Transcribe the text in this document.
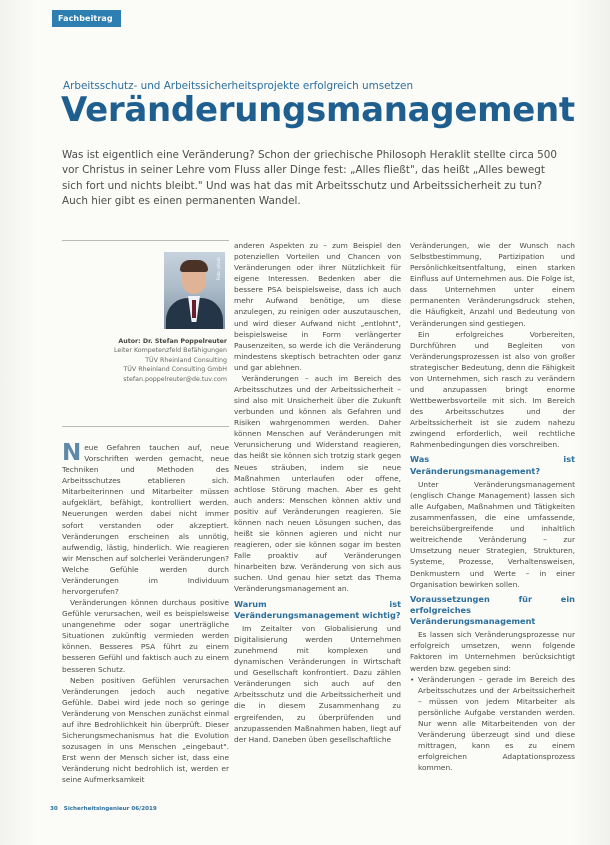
Fachbeitrag
Arbeitsschutz- und Arbeitssicherheitsprojekte erfolgreich umsetzen
Veränderungsmanagement

Was ist eigentlich eine Veränderung? Schon der griechische Philosoph Heraklit stellte circa 500

vor Christus in seiner Lehre vom Fluss aller Dinge fest: „Alles fließt", das heißt „Alles bewegt

sich fort und nichts bleibt." Und was hat das mit Arbeitsschutz und Arbeitssicherheit zu tun?

Auch hier gibt es einen permanenten Wandel.

Foto: privat
Autor: Dr. Stefan Poppelreuter
Leiter Kompetenzfeld Befähigungen
TÜV Rheinland Consulting
TÜV Rheinland Consulting GmbH
stefan.poppelreuter@de.tuv.com

Neue Gefahren tauchen auf, neue Vorschriften werden gemacht, neue Techniken und Methoden des Arbeitsschutzes etablieren sich. Mitarbeiterinnen und Mitarbeiter müssen aufgeklärt, befähigt, kontrolliert werden. Neuerungen werden dabei nicht immer sofort verstanden oder akzeptiert. Veränderungen erscheinen als unnötig, aufwendig, lästig, hinderlich. Wie reagieren wir Menschen auf solcherlei Veränderungen? Welche Gefühle werden durch Veränderungen im Individuum hervorgerufen?

Veränderungen können durchaus positive Gefühle verursachen, weil es beispielsweise unangenehme oder sogar unerträgliche Situationen zukünftig vermieden werden können. Besseres PSA führt zu einem besseren Gefühl und faktisch auch zu einem besseren Schutz.

Neben positiven Gefühlen verursachen Veränderungen jedoch auch negative Gefühle. Dabei wird jede noch so geringe Veränderung von Menschen zunächst einmal auf ihre Bedrohlichkeit hin überprüft. Dieser Sicherungsmechanismus hat die Evolution sozusagen in uns Menschen „eingebaut". Erst wenn der Mensch sicher ist, dass eine Veränderung nicht bedrohlich ist, werden er seine Aufmerksamkeit

anderen Aspekten zu – zum Beispiel den potenziellen Vorteilen und Chancen von Veränderungen oder ihrer Nützlichkeit für eigene Interessen. Bedenken aber die bessere PSA beispielsweise, dass ich auch mehr Aufwand benötige, um diese anzulegen, zu reinigen oder auszutauschen, und wird dieser Aufwand nicht „entlohnt", beispielsweise in Form verlängerter Pausenzeiten, so werde ich die Veränderung mindestens skeptisch betrachten oder ganz und gar ablehnen.

Veränderungen – auch im Bereich des Arbeitsschutzes und der Arbeitssicherheit – sind also mit Unsicherheit über die Zukunft verbunden und können als Gefahren und Risiken wahrgenommen werden. Daher können Menschen auf Veränderungen mit Verunsicherung und Widerstand reagieren, das heißt sie können sich trotzig stark gegen Neues sträuben, indem sie neue Maßnahmen unterlaufen oder offene, achtlose Störung machen. Aber es geht auch anders: Menschen können aktiv und positiv auf Veränderungen reagieren. Sie können nach neuen Lösungen suchen, das heißt sie können agieren und nicht nur reagieren, oder sie können sogar im besten Falle proaktiv auf Veränderungen hinarbeiten bzw. Veränderung von sich aus suchen. Und genau hier setzt das Thema Veränderungsmanagement an.

Warum ist Veränderungsmanagement wichtig?

Im Zeitalter von Globalisierung und Digitalisierung werden Unternehmen zunehmend mit komplexen und dynamischen Veränderungen in Wirtschaft und Gesellschaft konfrontiert. Dazu zählen Veränderungen sich auch auf den Arbeitsschutz und die Arbeitssicherheit und die in diesem Zusammenhang zu ergreifenden, zu überprüfenden und anzupassenden Maßnahmen haben, liegt auf der Hand. Daneben üben gesellschaftliche

Veränderungen, wie der Wunsch nach Selbstbestimmung, Partizipation und Persönlichkeitsentfaltung, einen starken Einfluss auf Unternehmen aus. Die Folge ist, dass Unternehmen unter einem permanenten Veränderungsdruck stehen, die Häufigkeit, Anzahl und Bedeutung von Veränderungen sind gestiegen.

Ein erfolgreiches Vorbereiten, Durchführen und Begleiten von Veränderungsprozessen ist also von großer strategischer Bedeutung, denn die Fähigkeit von Unternehmen, sich rasch zu verändern und anzupassen bringt enorme Wettbewerbsvorteile mit sich. Im Bereich des Arbeitsschutzes und der Arbeitssicherheit ist sie zudem nahezu zwingend erforderlich, weil rechtliche Rahmenbedingungen dies vorschreiben.

Was ist Veränderungsmanagement?

Unter Veränderungsmanagement (englisch Change Management) lassen sich alle Aufgaben, Maßnahmen und Tätigkeiten zusammenfassen, die eine umfassende, bereichsübergreifende und inhaltlich weitreichende Veränderung – zur Umsetzung neuer Strategien, Strukturen, Systeme, Prozesse, Verhaltensweisen, Denkmustern und Werte – in einer Organisation bewirken sollen.

Voraussetzungen für ein erfolgreiches Veränderungsmanagement

Es lassen sich Veränderungsprozesse nur erfolgreich umsetzen, wenn folgende Faktoren im Unternehmen berücksichtigt werden bzw. gegeben sind:

• Veränderungen – gerade im Bereich des Arbeitsschutzes und der Arbeitssicherheit – müssen von jedem Mitarbeiter als persönliche Aufgabe verstanden werden. Nur wenn alle Mitarbeitenden von der Veränderung überzeugt sind und diese mittragen, kann es zu einem erfolgreichen Adaptationsprozess kommen.

30 Sicherheitsingenieur 06/2019
